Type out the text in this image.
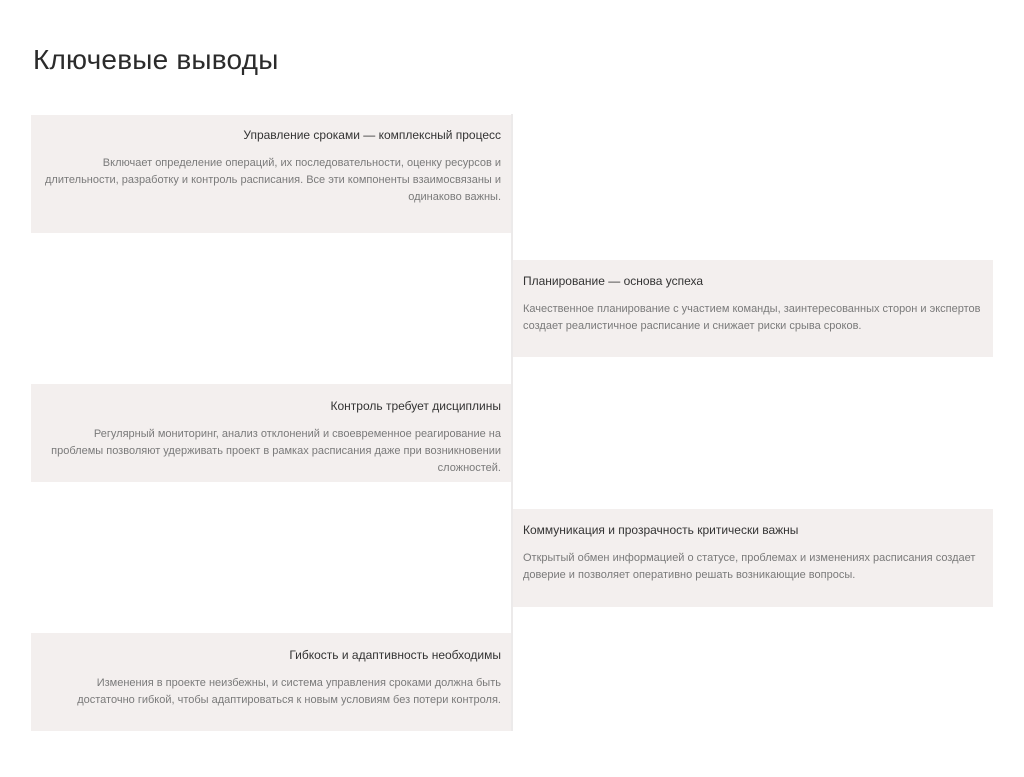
Ключевые выводы

Управление сроками — комплексный процесс

Включает определение операций, их последовательности, оценку ресурсов и длительности, разработку и контроль расписания. Все эти компоненты взаимосвязаны и одинаково важны.

Планирование — основа успеха

Качественное планирование с участием команды, заинтересованных сторон и экспертов создает реалистичное расписание и снижает риски срыва сроков.

Контроль требует дисциплины

Регулярный мониторинг, анализ отклонений и своевременное реагирование на проблемы позволяют удерживать проект в рамках расписания даже при возникновении сложностей.

Коммуникация и прозрачность критически важны

Открытый обмен информацией о статусе, проблемах и изменениях расписания создает доверие и позволяет оперативно решать возникающие вопросы.

Гибкость и адаптивность необходимы

Изменения в проекте неизбежны, и система управления сроками должна быть достаточно гибкой, чтобы адаптироваться к новым условиям без потери контроля.
